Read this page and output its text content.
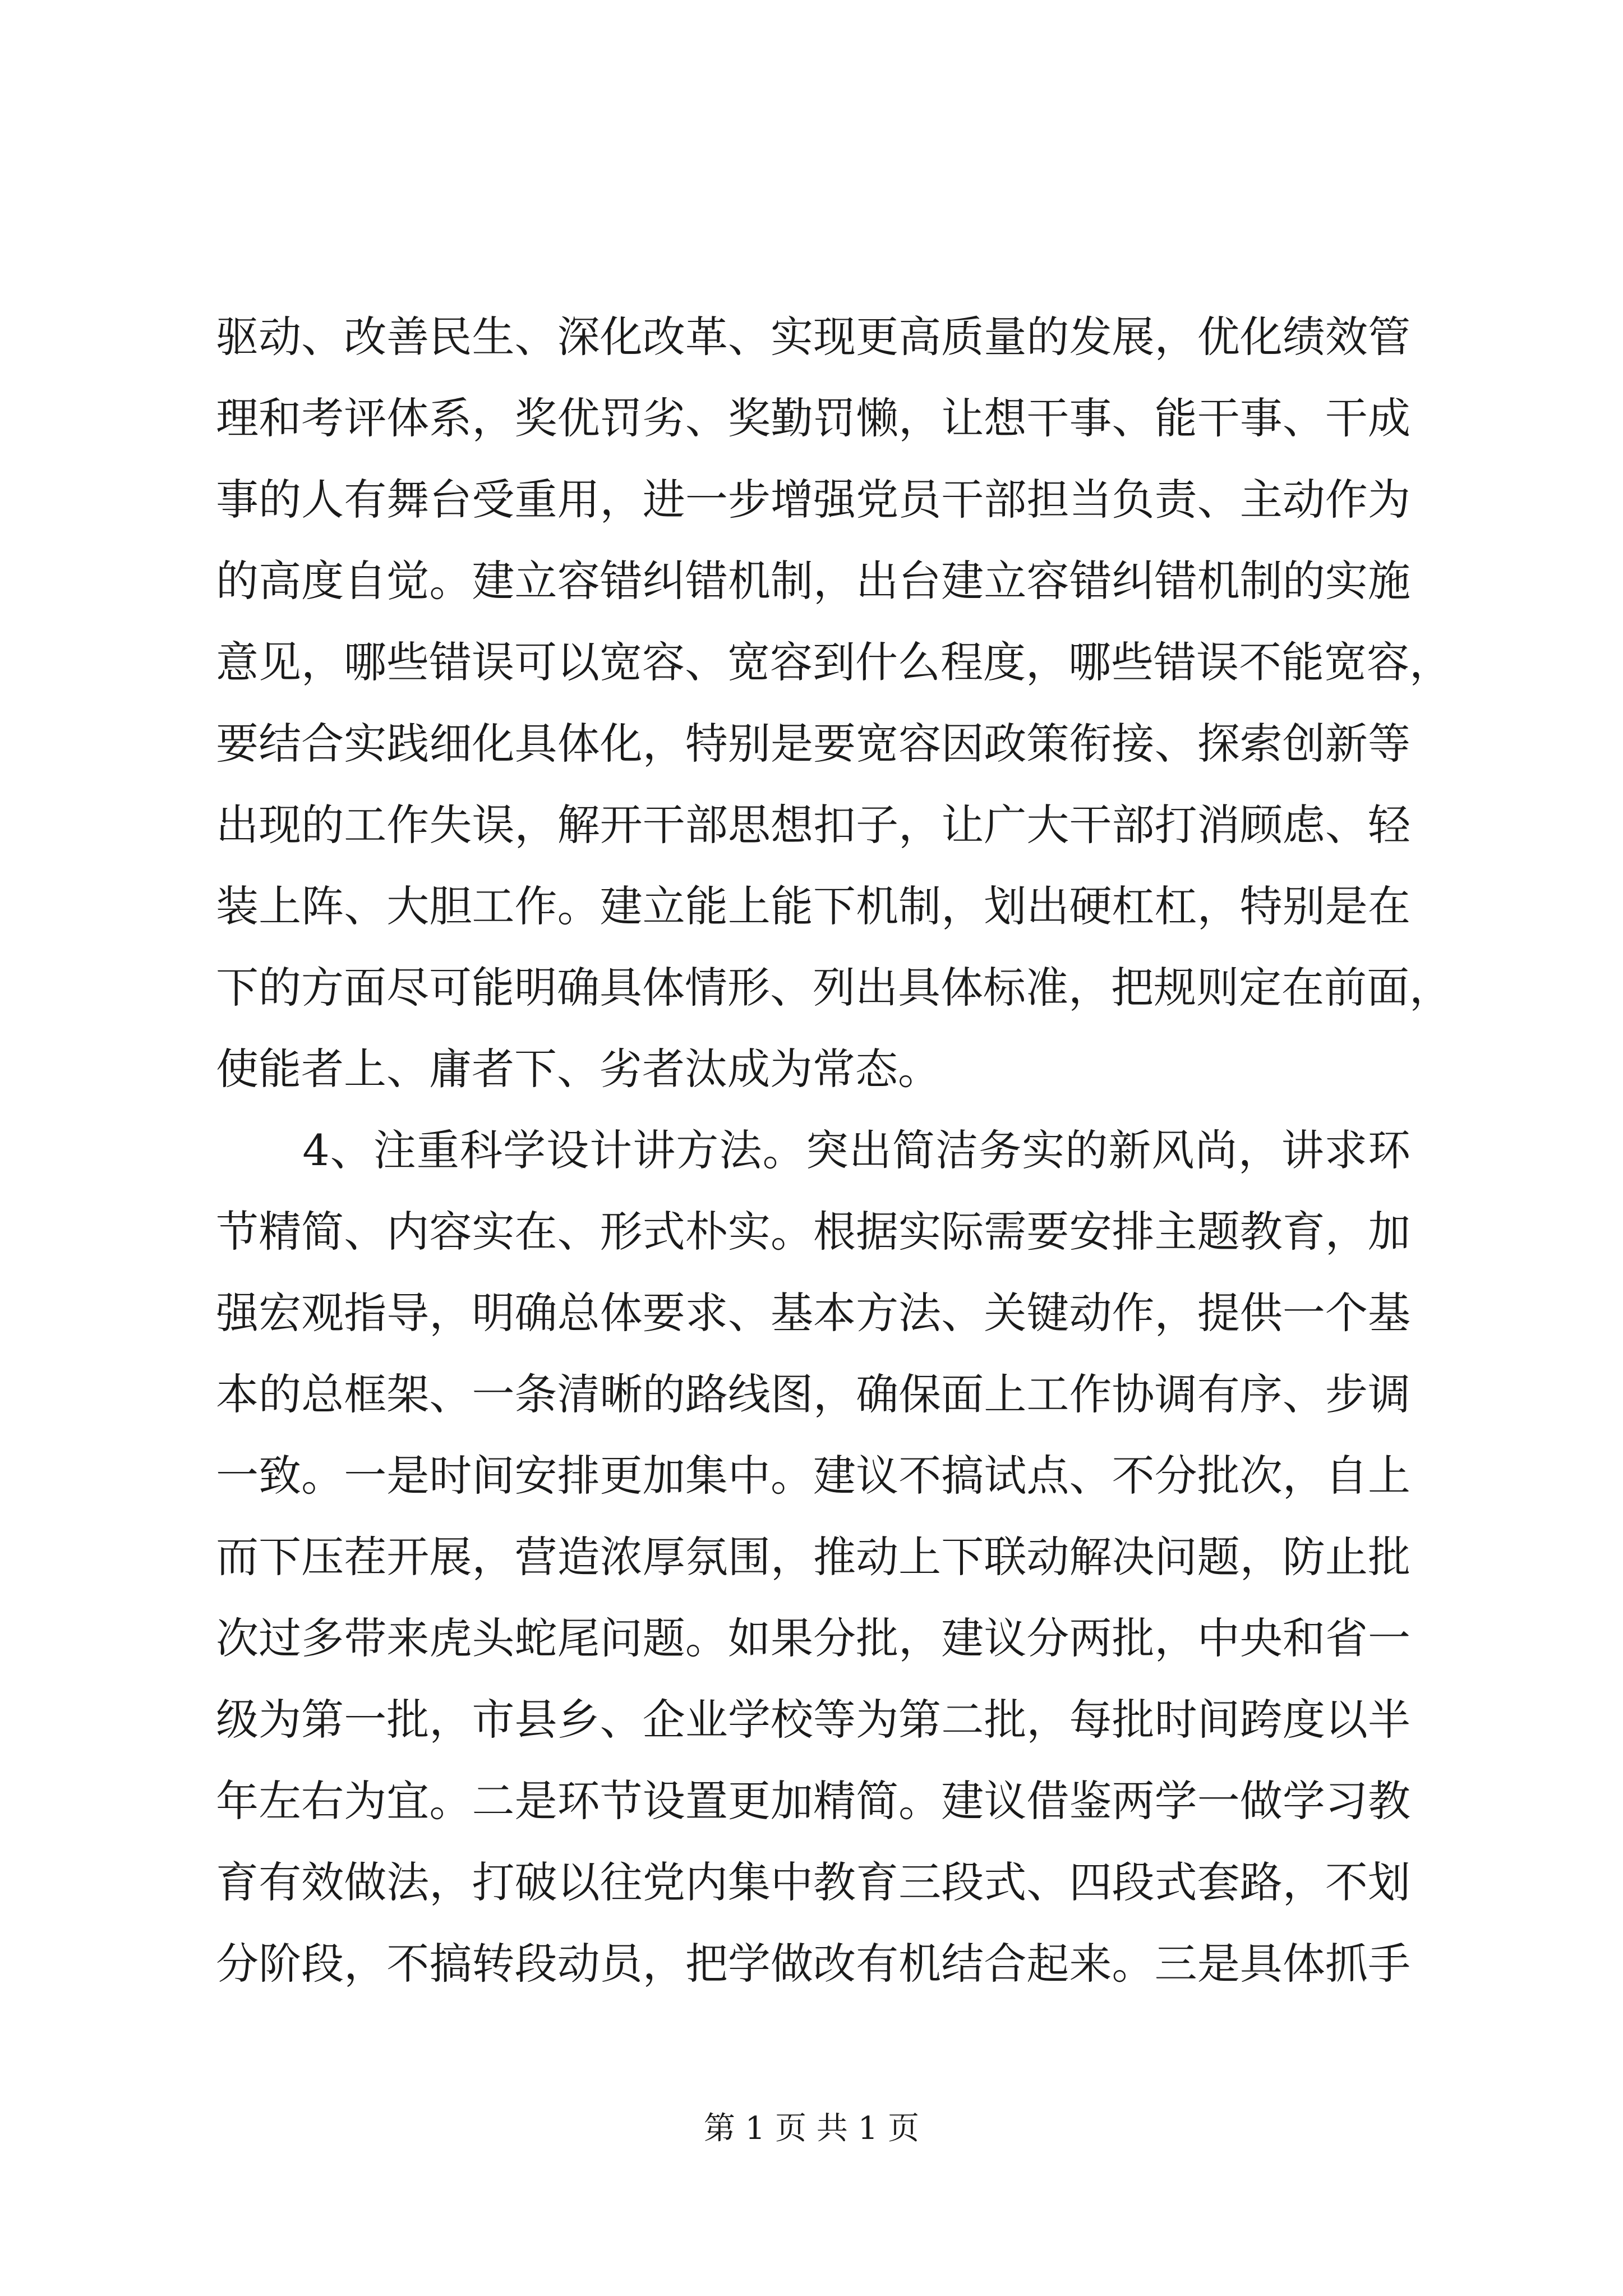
驱动、改善民生、深化改革、实现更高质量的发展，优化绩效管
理和考评体系，奖优罚劣、奖勤罚懒，让想干事、能干事、干成
事的人有舞台受重用，进一步增强党员干部担当负责、主动作为
的高度自觉。建立容错纠错机制，出台建立容错纠错机制的实施
意见，哪些错误可以宽容、宽容到什么程度，哪些错误不能宽容，
要结合实践细化具体化，特别是要宽容因政策衔接、探索创新等
出现的工作失误，解开干部思想扣子，让广大干部打消顾虑、轻
装上阵、大胆工作。建立能上能下机制，划出硬杠杠，特别是在
下的方面尽可能明确具体情形、列出具体标准，把规则定在前面，
使能者上、庸者下、劣者汰成为常态。
　　4、注重科学设计讲方法。突出简洁务实的新风尚，讲求环
节精简、内容实在、形式朴实。根据实际需要安排主题教育，加
强宏观指导，明确总体要求、基本方法、关键动作，提供一个基
本的总框架、一条清晰的路线图，确保面上工作协调有序、步调
一致。一是时间安排更加集中。建议不搞试点、不分批次，自上
而下压茬开展，营造浓厚氛围，推动上下联动解决问题，防止批
次过多带来虎头蛇尾问题。如果分批，建议分两批，中央和省一
级为第一批，市县乡、企业学校等为第二批，每批时间跨度以半
年左右为宜。二是环节设置更加精简。建议借鉴两学一做学习教
育有效做法，打破以往党内集中教育三段式、四段式套路，不划
分阶段，不搞转段动员，把学做改有机结合起来。三是具体抓手
第 1 页 共 1 页
